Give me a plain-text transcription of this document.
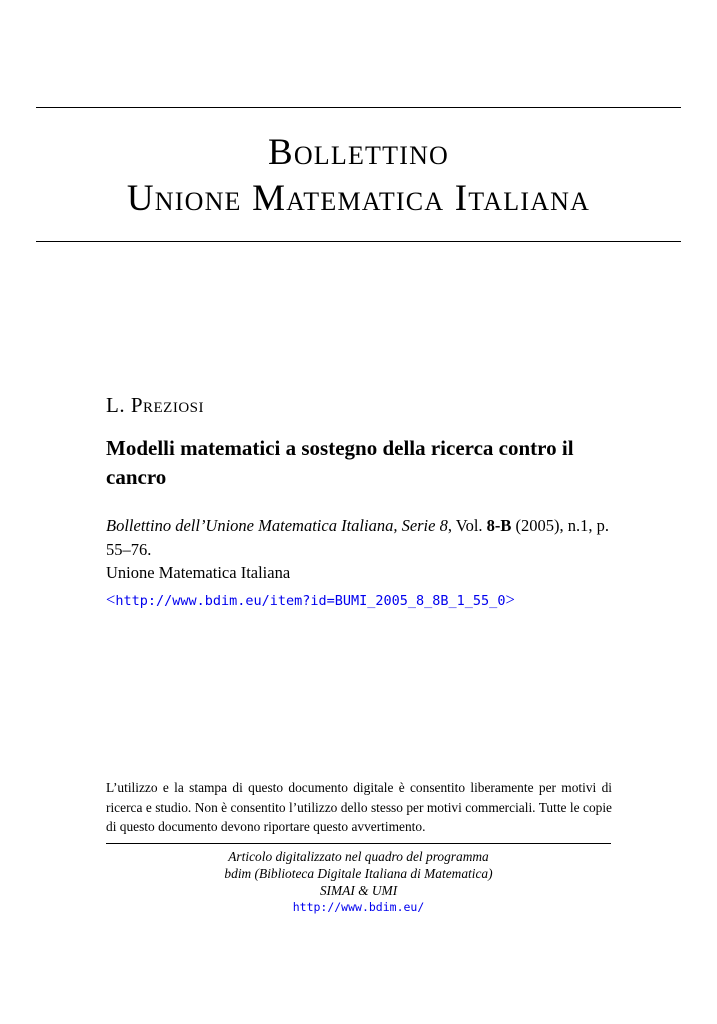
Bollettino
Unione Matematica Italiana
L. Preziosi
Modelli matematici a sostegno della ricerca contro il cancro
Bollettino dell’Unione Matematica Italiana, Serie 8, Vol. 8-B (2005), n.1, p. 55–76.
Unione Matematica Italiana
<http://www.bdim.eu/item?id=BUMI_2005_8_8B_1_55_0>
L’utilizzo e la stampa di questo documento digitale è consentito liberamente per motivi di ricerca e studio. Non è consentito l’utilizzo dello stesso per motivi commerciali. Tutte le copie di questo documento devono riportare questo avvertimento.
Articolo digitalizzato nel quadro del programma
bdim (Biblioteca Digitale Italiana di Matematica)
SIMAI & UMI
http://www.bdim.eu/
